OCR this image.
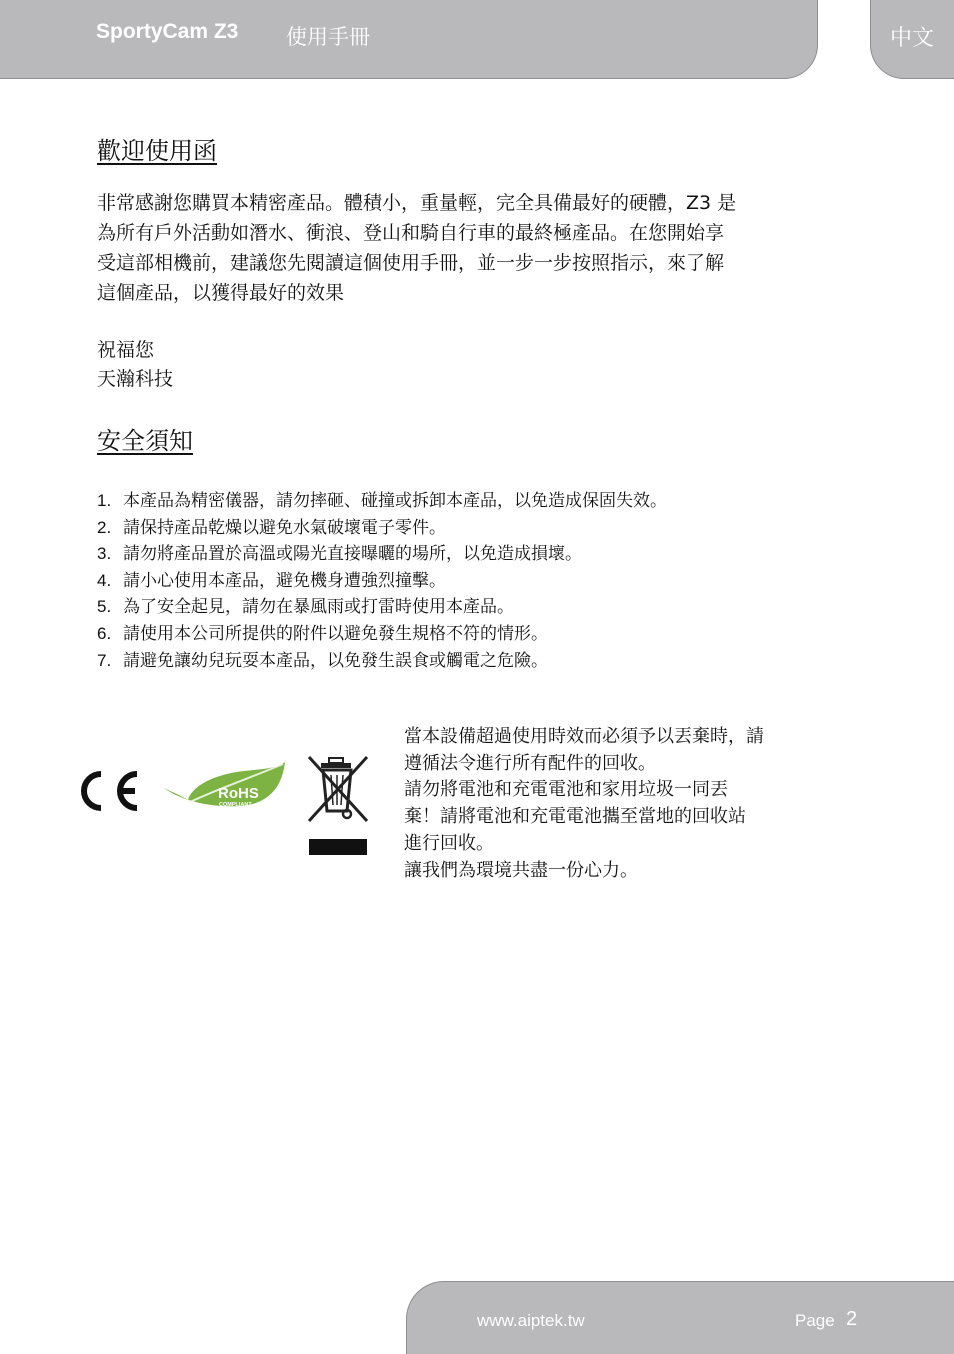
SportyCam Z3 使用手冊	中文
歡迎使用函
非常感謝您購買本精密產品。體積小，重量輕，完全具備最好的硬體，Z3 是
為所有戶外活動如潛水、衝浪、登山和騎自行車的最終極產品。在您開始享
受這部相機前，建議您先閱讀這個使用手冊，並一步一步按照指示，來了解
這個產品，以獲得最好的效果
祝福您
天瀚科技
安全須知
1. 本產品為精密儀器，請勿摔砸、碰撞或拆卸本產品，以免造成保固失效。
2. 請保持產品乾燥以避免水氣破壞電子零件。
3. 請勿將產品置於高溫或陽光直接曝曬的場所，以免造成損壞。
4. 請小心使用本產品，避免機身遭強烈撞擊。
5. 為了安全起見，請勿在暴風雨或打雷時使用本產品。
6. 請使用本公司所提供的附件以避免發生規格不符的情形。
7. 請避免讓幼兒玩耍本產品，以免發生誤食或觸電之危險。
RoHS
COMPLIANT
當本設備超過使用時效而必須予以丟棄時，請
遵循法令進行所有配件的回收。
請勿將電池和充電電池和家用垃圾一同丟
棄！請將電池和充電電池攜至當地的回收站
進行回收。
讓我們為環境共盡一份心力。
www.aiptek.tw	Page 2
